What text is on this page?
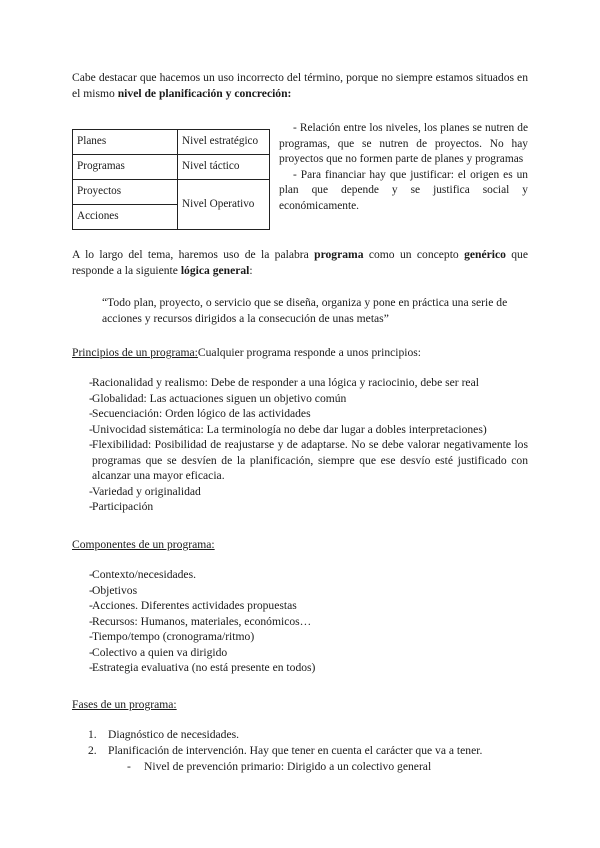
Cabe destacar que hacemos un uso incorrecto del término, porque no siempre estamos situados en el mismo nivel de planificación y concreción:

Planes	Nivel estratégico
Programas	Nivel táctico
Proyectos	Nivel Operativo
Acciones	

- Relación entre los niveles, los planes se nutren de programas, que se nutren de proyectos. No hay proyectos que no formen parte de planes y programas

- Para financiar hay que justificar: el origen es un plan que depende y se justifica social y económicamente.

A lo largo del tema, haremos uso de la palabra programa como un concepto genérico que responde a la siguiente lógica general:

“Todo plan, proyecto, o servicio que se diseña, organiza y pone en práctica una serie de acciones y recursos dirigidos a la consecución de unas metas”

Principios de un programa:Cualquier programa responde a unos principios:

- Racionalidad y realismo: Debe de responder a una lógica y raciocinio, debe ser real
- Globalidad: Las actuaciones siguen un objetivo común
- Secuenciación: Orden lógico de las actividades
- Univocidad sistemática: La terminología no debe dar lugar a dobles interpretaciones)
- Flexibilidad: Posibilidad de reajustarse y de adaptarse. No se debe valorar negativamente los programas que se desvíen de la planificación, siempre que ese desvío esté justificado con alcanzar una mayor eficacia.
- Variedad y originalidad
- Participación

Componentes de un programa:

- Contexto/necesidades.
- Objetivos
- Acciones. Diferentes actividades propuestas
- Recursos: Humanos, materiales, económicos…
- Tiempo/tempo (cronograma/ritmo)
- Colectivo a quien va dirigido
- Estrategia evaluativa (no está presente en todos)

Fases de un programa:

1. Diagnóstico de necesidades.
2. Planificación de intervención. Hay que tener en cuenta el carácter que va a tener.

- Nivel de prevención primario: Dirigido a un colectivo general
